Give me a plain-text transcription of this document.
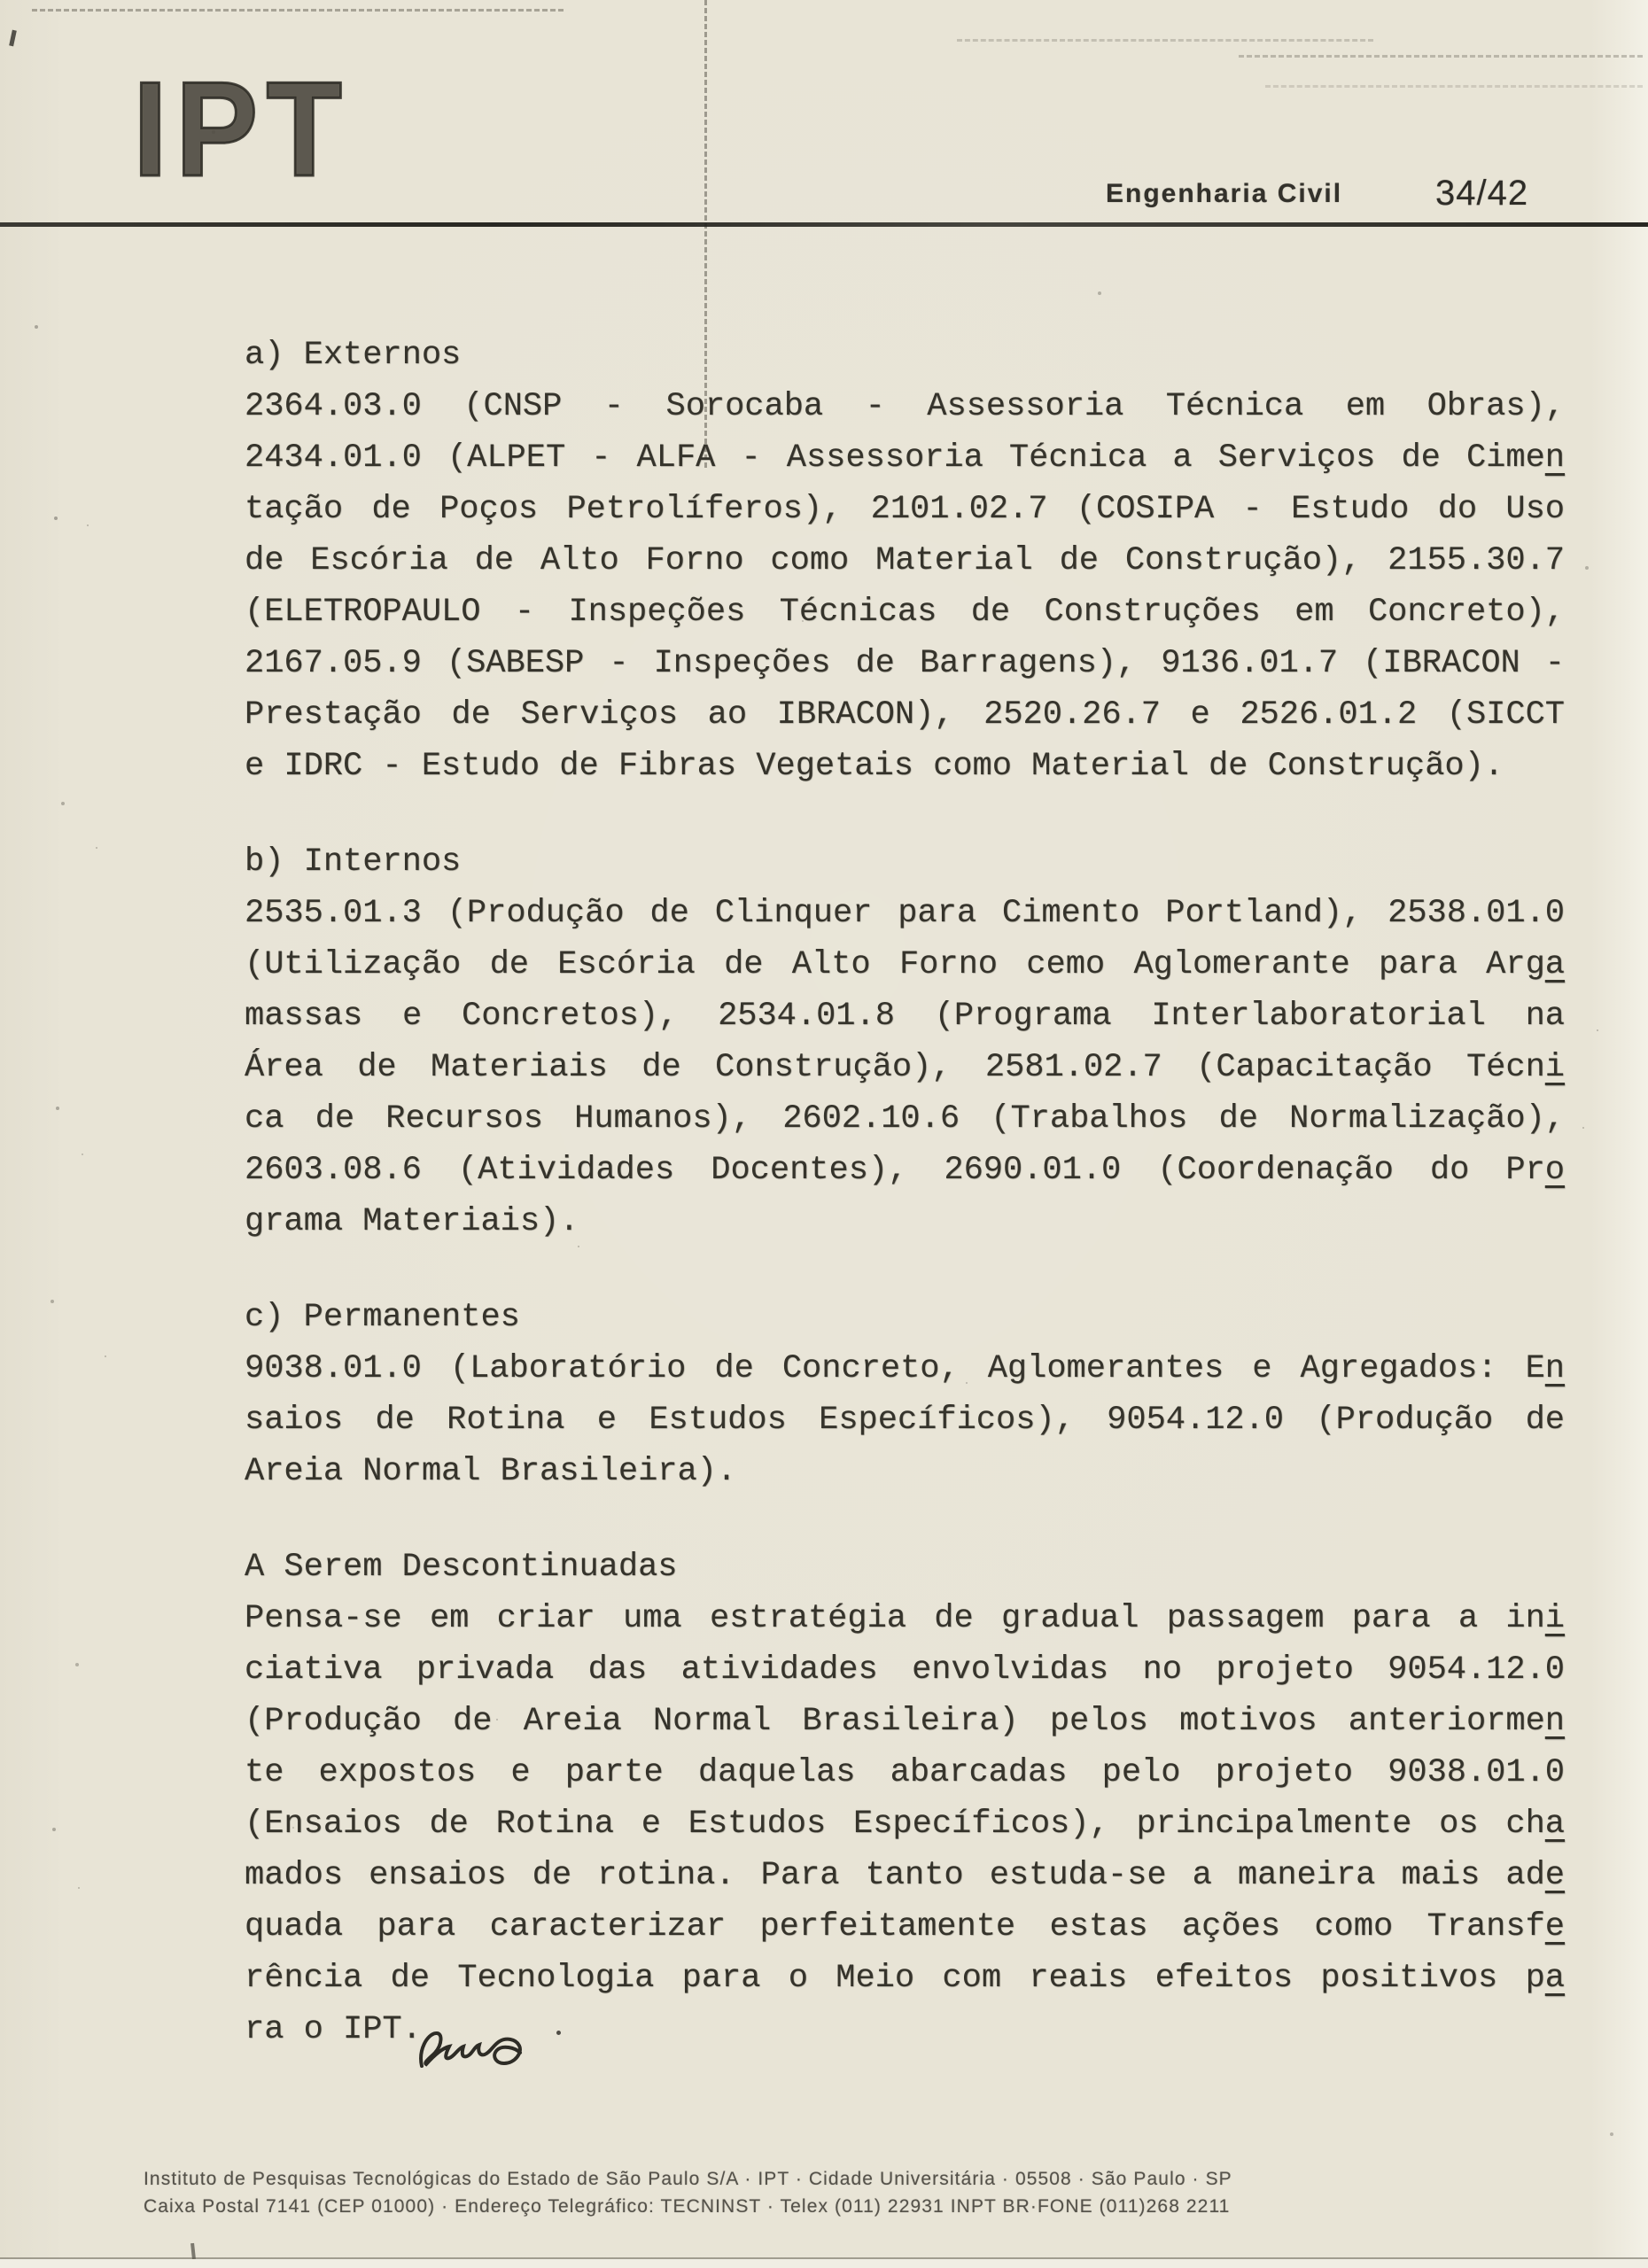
IPT	Engenharia Civil	34/42
a) Externos
2364.03.0 (CNSP - Sorocaba - Assessoria Técnica em Obras),
2434.01.0 (ALPET - ALFA - Assessoria Técnica a Serviços de Cimen
tação de Poços Petrolíferos), 2101.02.7 (COSIPA - Estudo do Uso
de Escória de Alto Forno como Material de Construção), 2155.30.7
(ELETROPAULO - Inspeções Técnicas de Construções em Concreto),
2167.05.9 (SABESP - Inspeções de Barragens), 9136.01.7 (IBRACON -
Prestação de Serviços ao IBRACON), 2520.26.7 e 2526.01.2 (SICCT
e IDRC - Estudo de Fibras Vegetais como Material de Construção).
b) Internos
2535.01.3 (Produção de Clinquer para Cimento Portland), 2538.01.0
(Utilização de Escória de Alto Forno cemo Aglomerante para Arga
massas e Concretos), 2534.01.8 (Programa Interlaboratorial na
Área de Materiais de Construção), 2581.02.7 (Capacitação Técni
ca de Recursos Humanos), 2602.10.6 (Trabalhos de Normalização),
2603.08.6 (Atividades Docentes), 2690.01.0 (Coordenação do Pro
grama Materiais).
c) Permanentes
9038.01.0 (Laboratório de Concreto, Aglomerantes e Agregados: En
saios de Rotina e Estudos Específicos), 9054.12.0 (Produção de
Areia Normal Brasileira).
A Serem Descontinuadas
Pensa-se em criar uma estratégia de gradual passagem para a ini
ciativa privada das atividades envolvidas no projeto 9054.12.0
(Produção de Areia Normal Brasileira) pelos motivos anteriormen
te expostos e parte daquelas abarcadas pelo projeto 9038.01.0
(Ensaios de Rotina e Estudos Específicos), principalmente os cha
mados ensaios de rotina. Para tanto estuda-se a maneira mais ade
quada para caracterizar perfeitamente estas ações como Transfe
rência de Tecnologia para o Meio com reais efeitos positivos pa
ra o IPT.
Instituto de Pesquisas Tecnológicas do Estado de São Paulo S/A · IPT · Cidade Universitária · 05508 · São Paulo · SP
Caixa Postal 7141 (CEP 01000) · Endereço Telegráfico: TECNINST · Telex (011) 22931 INPT BR·FONE (011)268 2211
